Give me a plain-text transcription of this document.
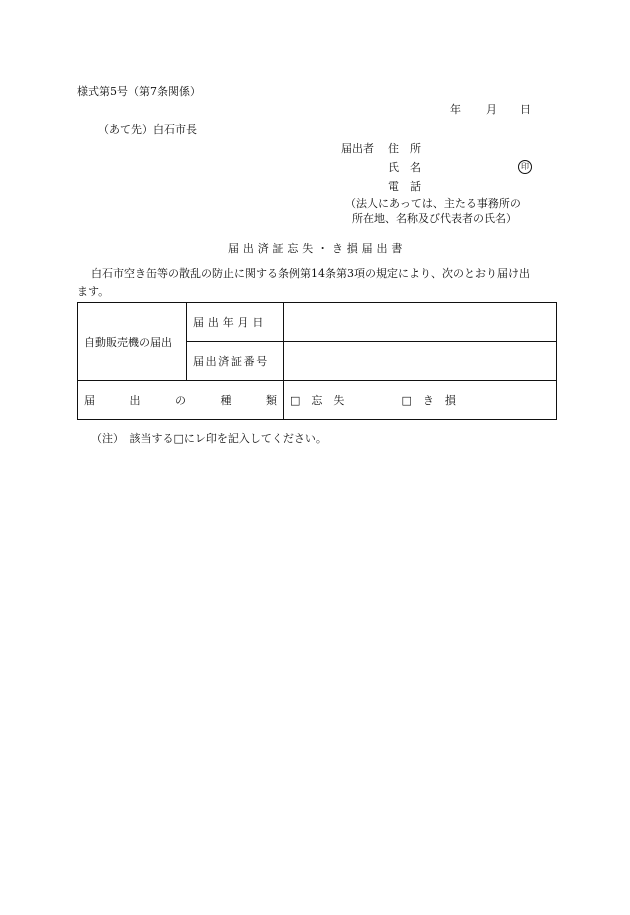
様式第5号（第7条関係）
年 月 日
（あて先）白石市長
届出者 住　所
氏　名	印
電　話
（法人にあっては、主たる事務所の
所在地、名称及び代表者の氏名）
届出済証忘失・き損届出書
白石市空き缶等の散乱の防止に関する条例第14条第3項の規定により、次のとおり届け出
ます。
自動販売機の届出	届出年月日	
	届出済証番号	

届 出 の 種 類		□　忘　失 □　き　損
（注）　該当する□にレ印を記入してください。
